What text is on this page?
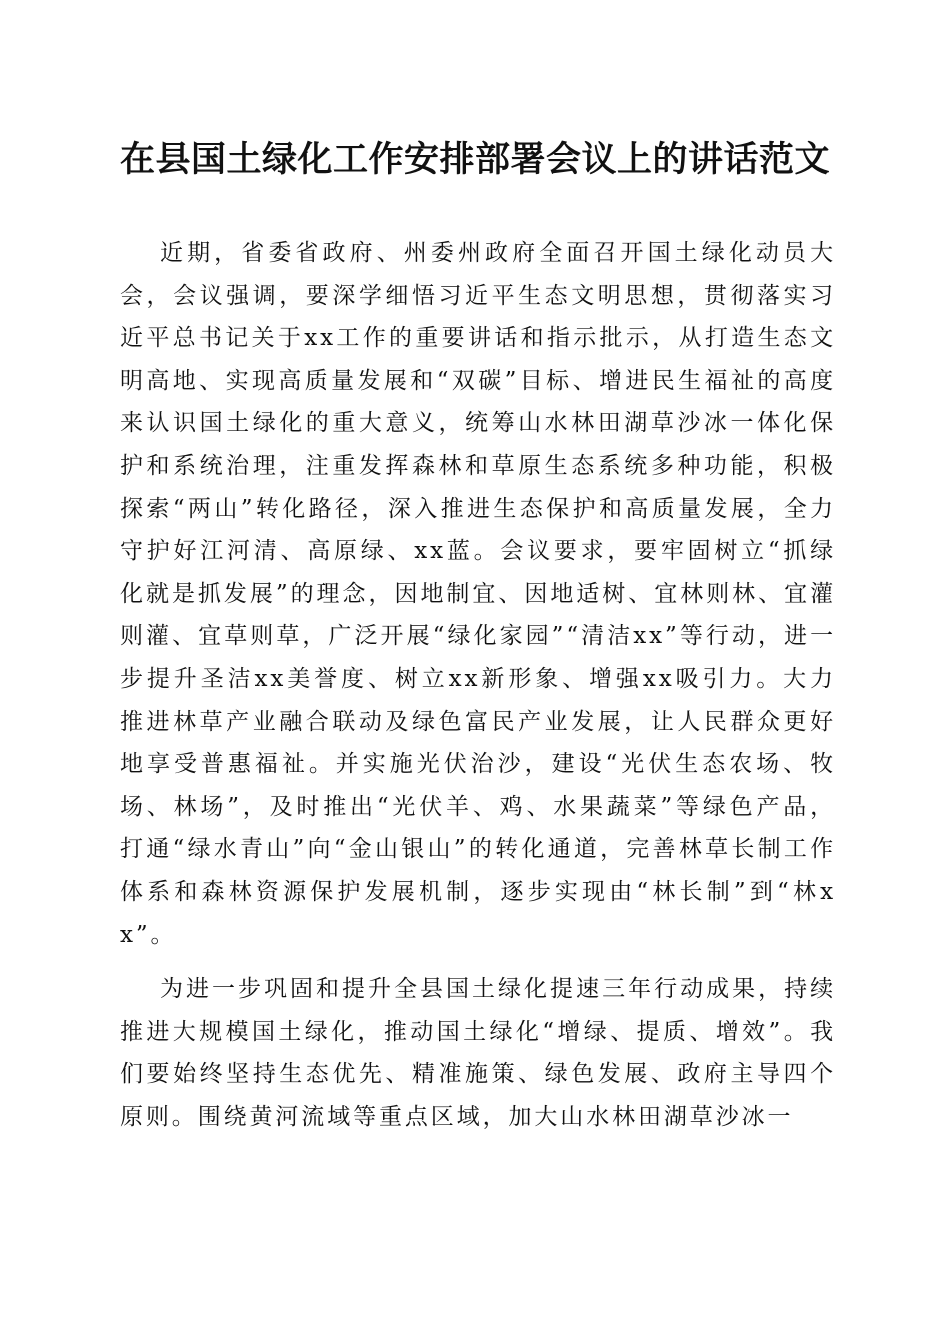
在县国土绿化工作安排部署会议上的讲话范文

近期，省委省政府、州委州政府全面召开国土绿化动员大会，会议强调，要深学细悟习近平生态文明思想，贯彻落实习近平总书记关于xx工作的重要讲话和指示批示，从打造生态文明高地、实现高质量发展和“双碳”目标、增进民生福祉的高度来认识国土绿化的重大意义，统筹山水林田湖草沙冰一体化保护和系统治理，注重发挥森林和草原生态系统多种功能，积极探索“两山”转化路径，深入推进生态保护和高质量发展，全力守护好江河清、高原绿、xx蓝。会议要求，要牢固树立“抓绿化就是抓发展”的理念，因地制宜、因地适树、宜林则林、宜灌则灌、宜草则草，广泛开展“绿化家园”“清洁xx”等行动，进一步提升圣洁xx美誉度、树立xx新形象、增强xx吸引力。大力推进林草产业融合联动及绿色富民产业发展，让人民群众更好地享受普惠福祉。并实施光伏治沙，建设“光伏生态农场、牧场、林场”，及时推出“光伏羊、鸡、水果蔬菜”等绿色产品，打通“绿水青山”向“金山银山”的转化通道，完善林草长制工作体系和森林资源保护发展机制，逐步实现由“林长制”到“林xx”。

为进一步巩固和提升全县国土绿化提速三年行动成果，持续推进大规模国土绿化，推动国土绿化“增绿、提质、增效”。我们要始终坚持生态优先、精准施策、绿色发展、政府主导四个原则。围绕黄河流域等重点区域，加大山水林田湖草沙冰一
